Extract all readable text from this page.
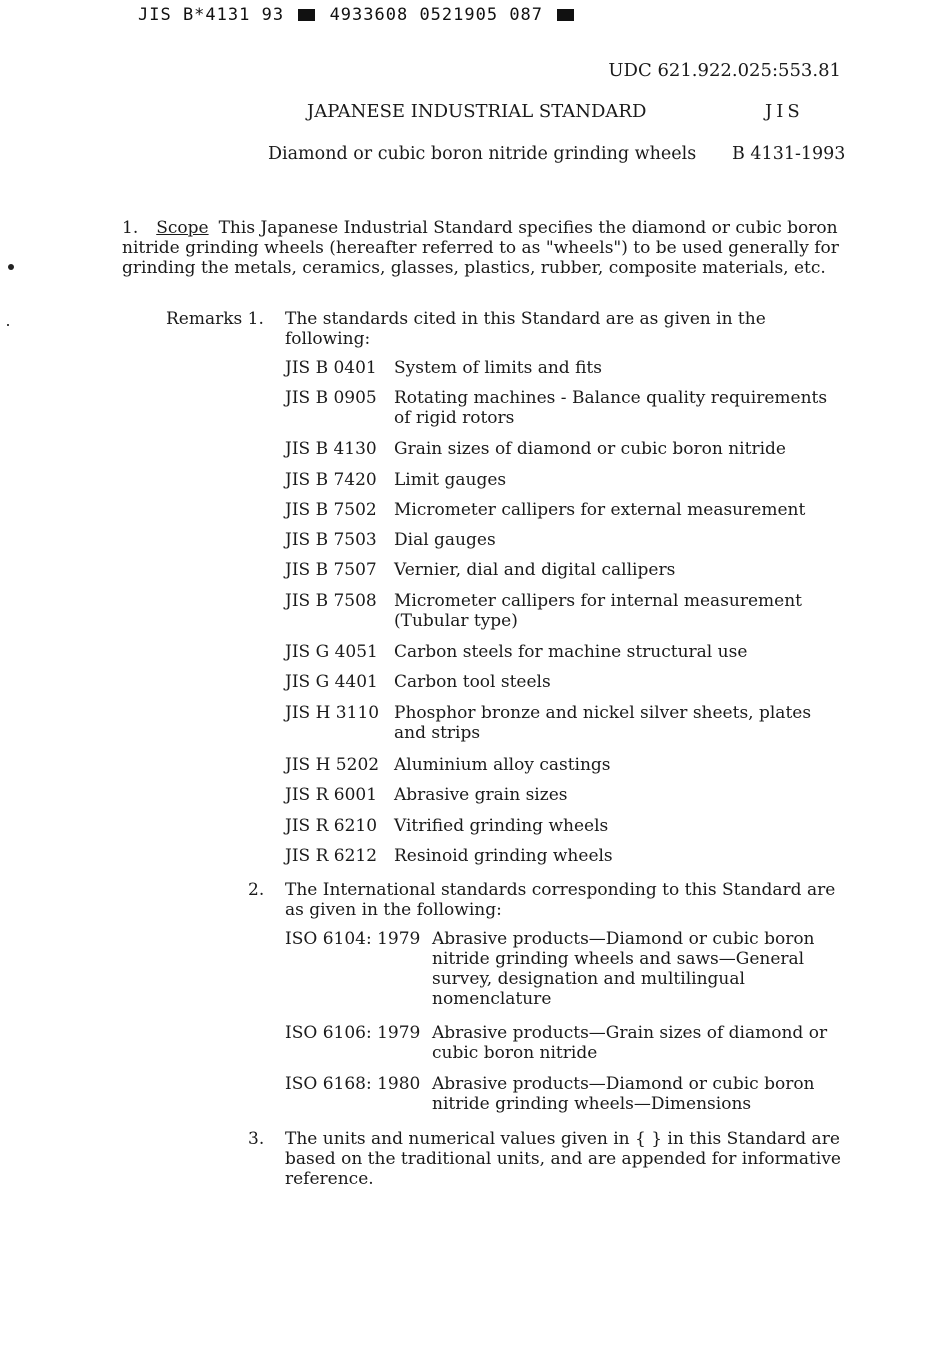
JIS B*4131 93	4933608 0521905 087
UDC 621.922.025:553.81
JAPANESE INDUSTRIAL STANDARD	JIS
Diamond or cubic boron nitride grinding wheels B 4131-1993
1. Scope This Japanese Industrial Standard specifies the diamond or cubic boron nitride grinding wheels (hereafter referred to as "wheels") to be used generally for grinding the metals, ceramics, glasses, plastics, rubber, composite materials, etc.
Remarks 1. The standards cited in this Standard are as given in the following:
JIS B 0401	System of limits and fits
JIS B 0905	Rotating machines - Balance quality requirements of rigid rotors
JIS B 4130	Grain sizes of diamond or cubic boron nitride
JIS B 7420	Limit gauges
JIS B 7502	Micrometer callipers for external measurement
JIS B 7503	Dial gauges
JIS B 7507	Vernier, dial and digital callipers
JIS B 7508	Micrometer callipers for internal measurement (Tubular type)
JIS G 4051 Carbon steels for machine structural use
JIS G 4401 Carbon tool steels
JIS H 3110 Phosphor bronze and nickel silver sheets, plates and strips
JIS H 5202 Aluminium alloy castings
JIS R 6001 Abrasive grain sizes
JIS R 6210 Vitrified grinding wheels
JIS R 6212 Resinoid grinding wheels
2. The International standards corresponding to this Standard are as given in the following:
ISO 6104: 1979 Abrasive products—Diamond or cubic boron nitride grinding wheels and saws—General survey, designation and multilingual nomenclature
ISO 6106: 1979 Abrasive products—Grain sizes of diamond or cubic boron nitride
ISO 6168: 1980 Abrasive products—Diamond or cubic boron nitride grinding wheels—Dimensions
3. The units and numerical values given in { } in this Standard are based on the traditional units, and are appended for informative reference.
